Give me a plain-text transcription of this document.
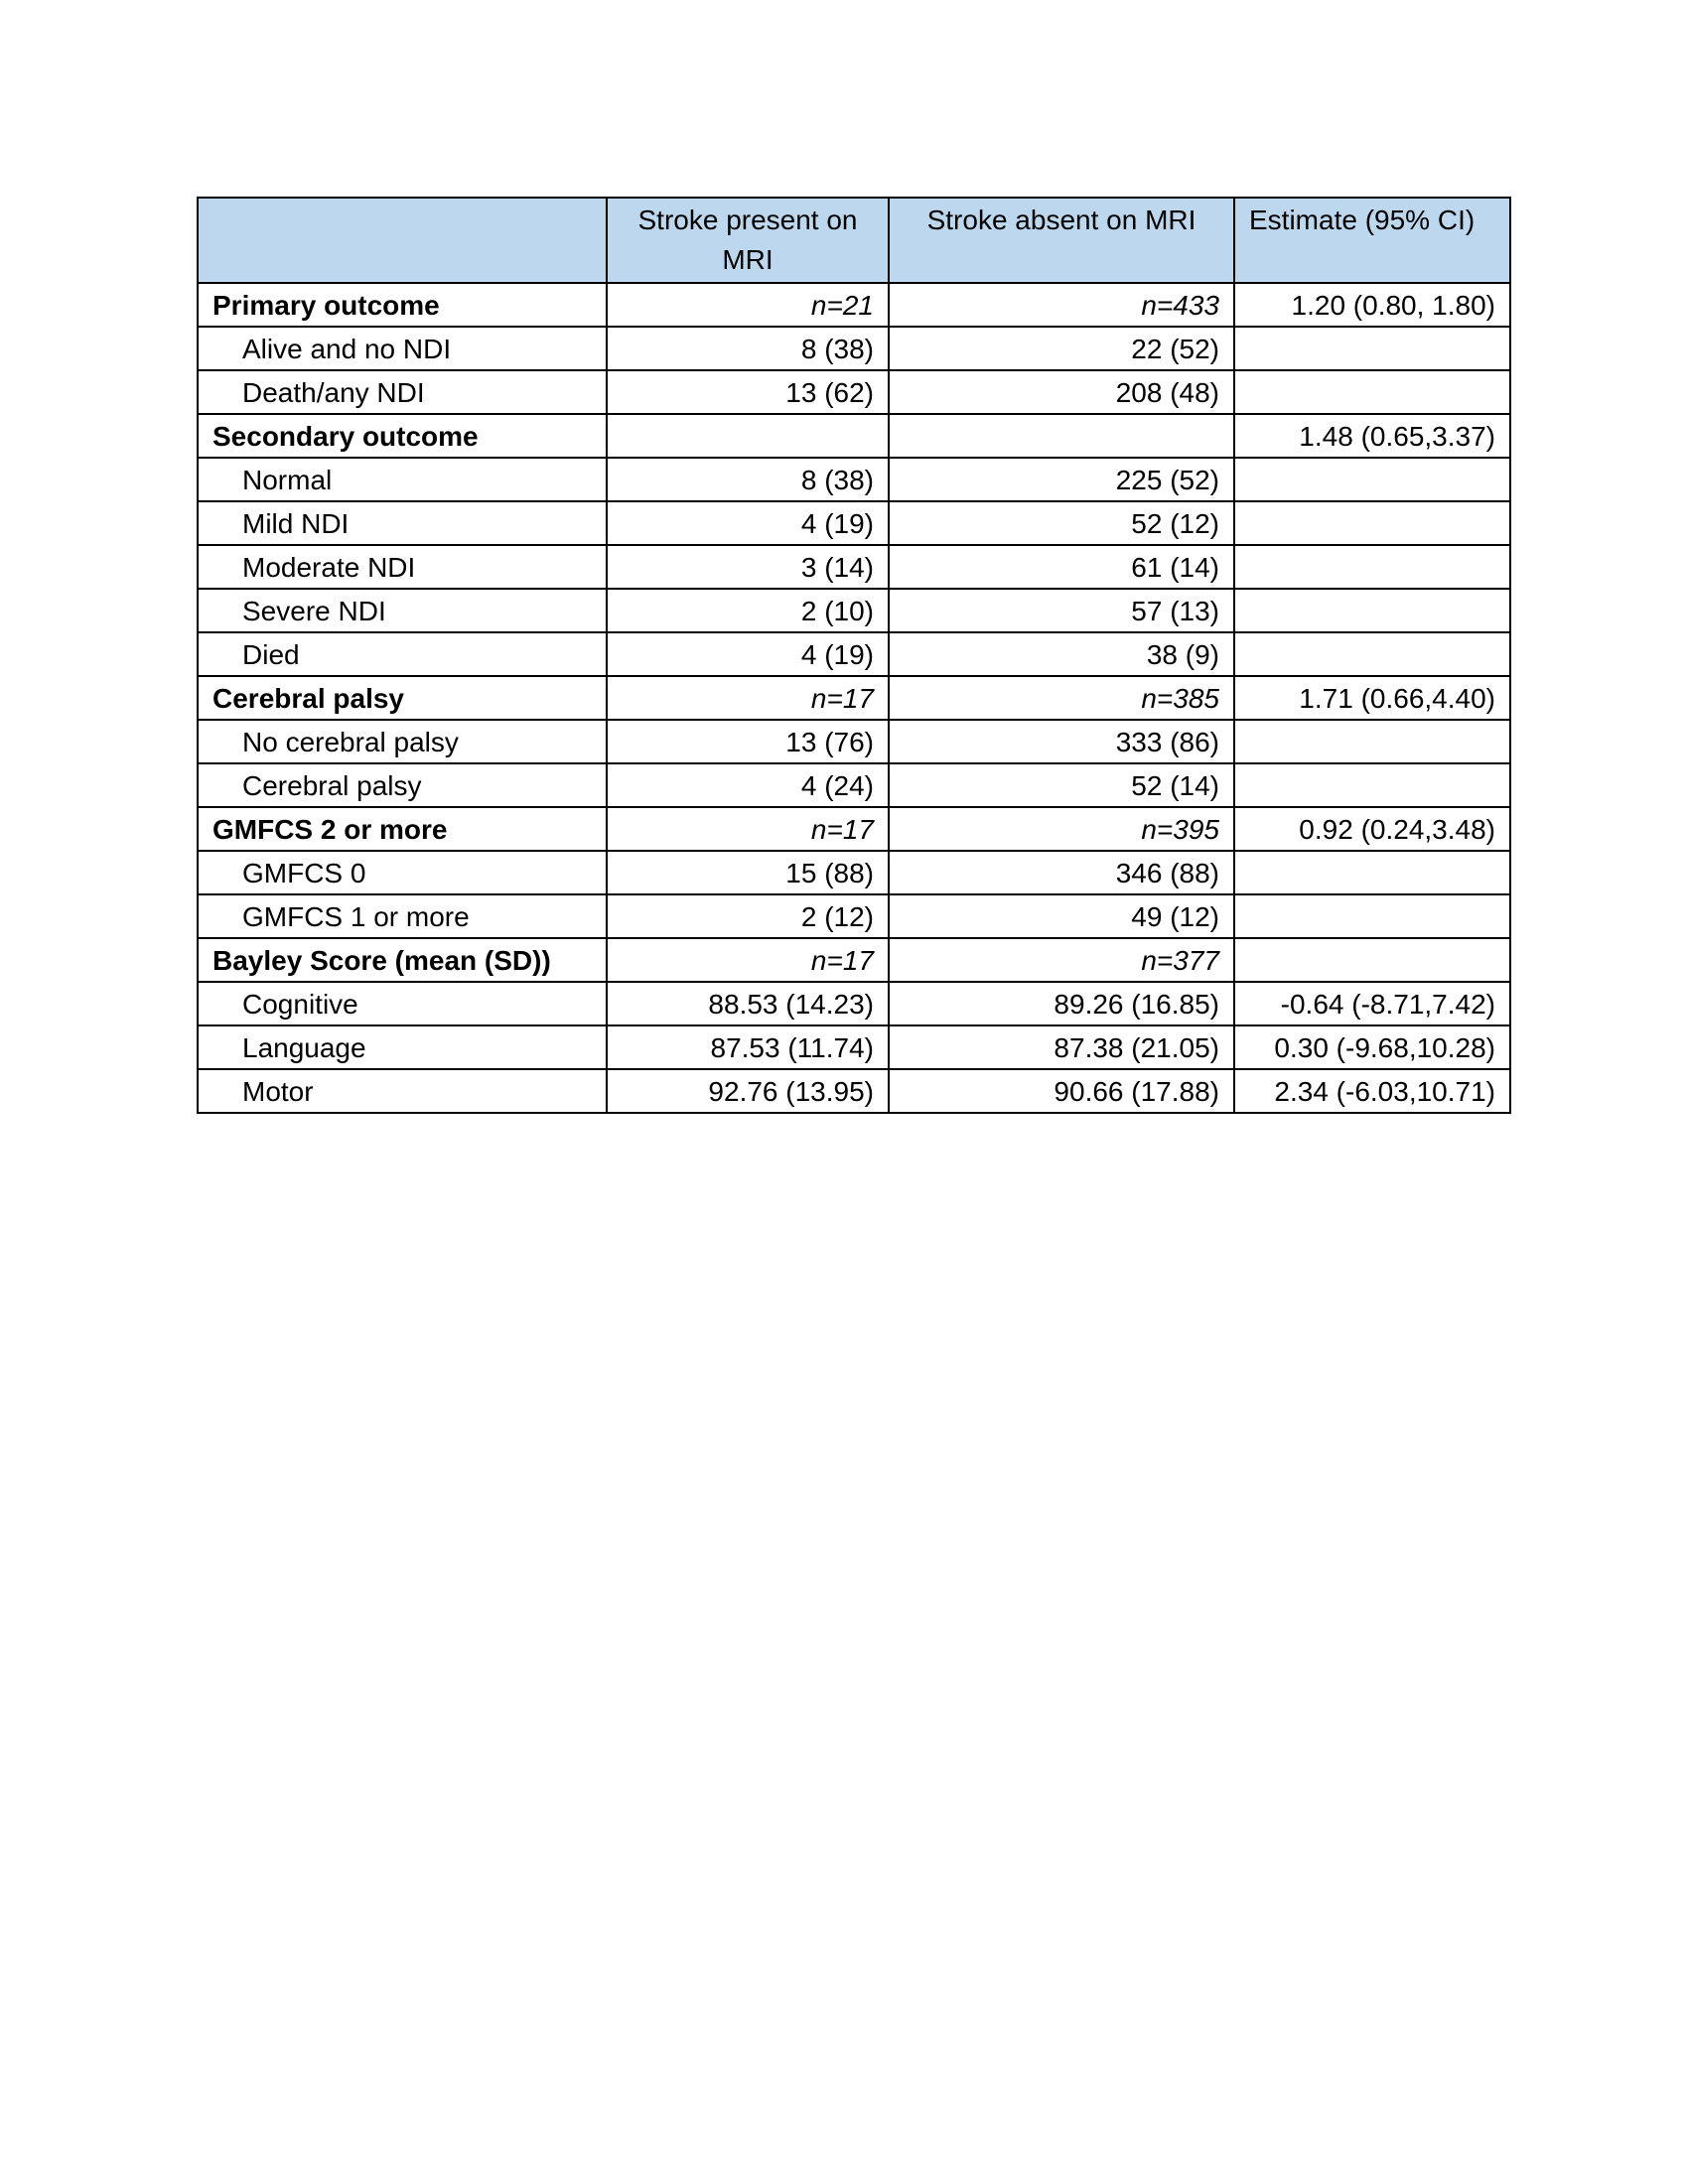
	Stroke present on MRI	Stroke absent on MRI	Estimate (95% CI)
Primary outcome	n=21	n=433	1.20 (0.80, 1.80)
Alive and no NDI	8 (38)	22 (52)	
Death/any NDI	13 (62)	208 (48)	
Secondary outcome			1.48 (0.65,3.37)
Normal	8 (38)	225 (52)	
Mild NDI	4 (19)	52 (12)	
Moderate NDI	3 (14)	61 (14)	
Severe NDI	2 (10)	57 (13)	
Died	4 (19)	38 (9)	
Cerebral palsy	n=17	n=385	1.71 (0.66,4.40)
No cerebral palsy	13 (76)	333 (86)	
Cerebral palsy	4 (24)	52 (14)	
GMFCS 2 or more	n=17	n=395	0.92 (0.24,3.48)
GMFCS 0	15 (88)	346 (88)	
GMFCS 1 or more	2 (12)	49 (12)	
Bayley Score (mean (SD))	n=17	n=377	
Cognitive	88.53 (14.23)	89.26 (16.85)	-0.64 (-8.71,7.42)
Language	87.53 (11.74)	87.38 (21.05)	0.30 (-9.68,10.28)
Motor	92.76 (13.95)	90.66 (17.88)	2.34 (-6.03,10.71)
